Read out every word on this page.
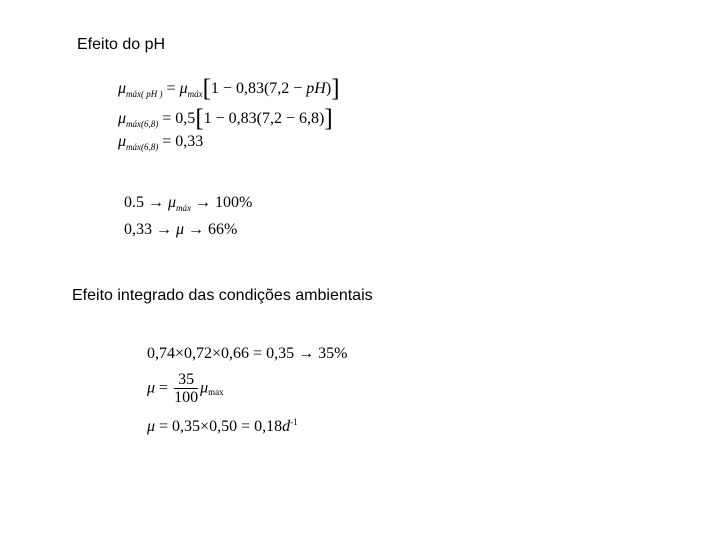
Efeito do pH
$\mu_{máx( pH )} = \mu_{máx}[1 - 0,83(7,2 - pH)]$
$\mu_{máx(6,8)} = 0,5[1 - 0,83(7,2 - 6,8)]$
$\mu_{máx(6,8)} = 0,33$
$0.5 \to \mu_{máx} \to 100\%$
0,33 → μ → 66%
Efeito integrado das condições ambientais
0,74×0,72×0,66 = 0,35 → 35%
$\mu = \frac{35}{100} \mu_{max}$
$\mu = 0,35\times 0,50 = 0,18d^{-1}$
